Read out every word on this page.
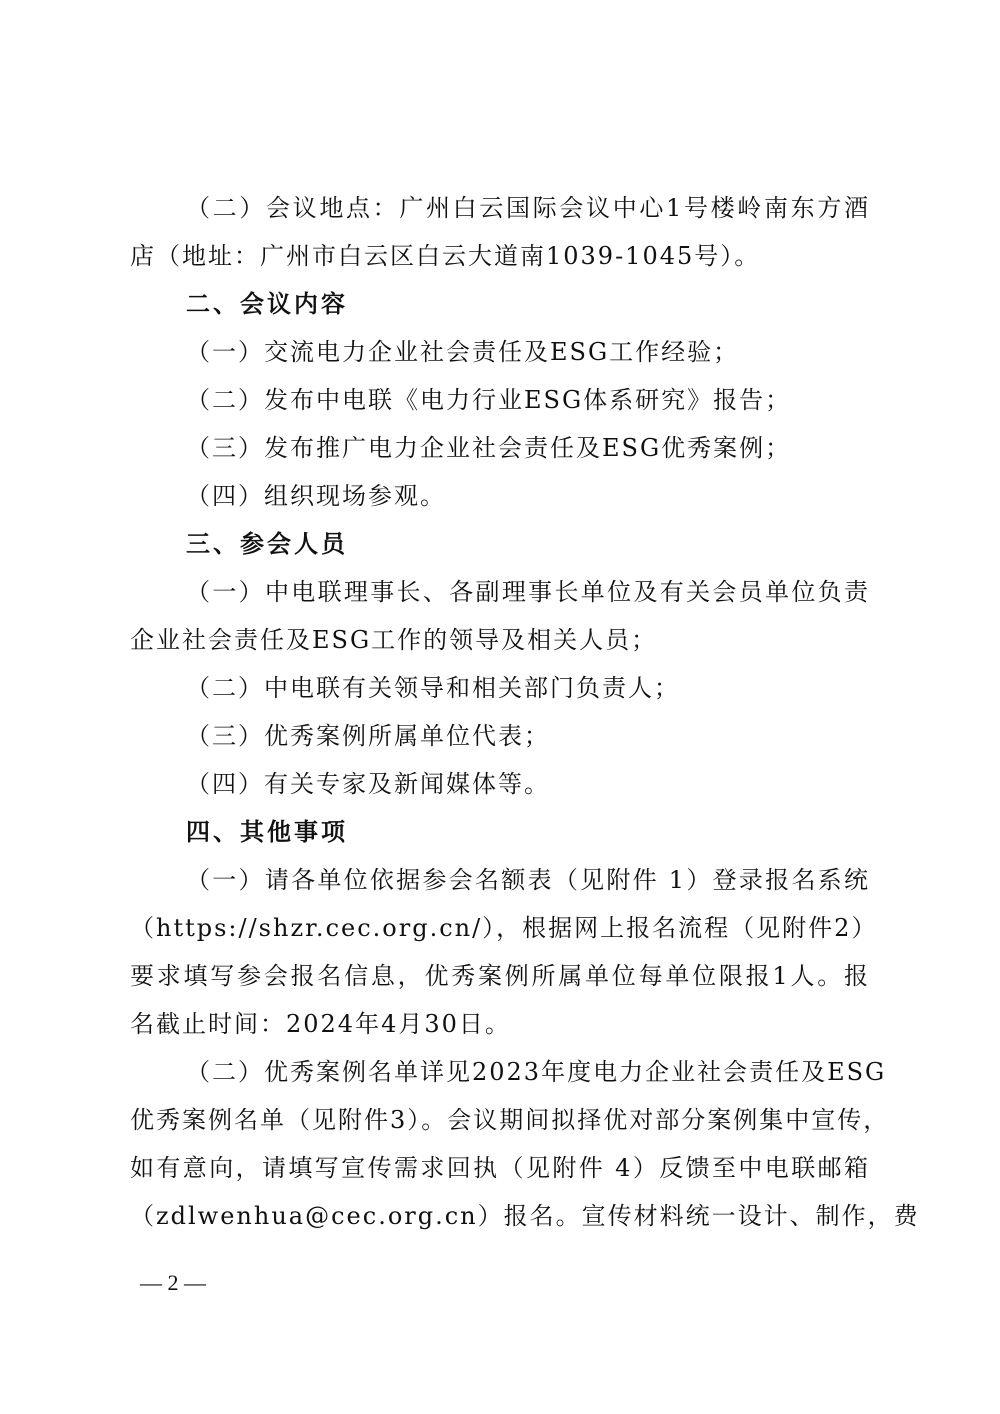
（二）会议地点：广州白云国际会议中心1号楼岭南东方酒
店（地址：广州市白云区白云大道南1039-1045号）。
二、会议内容
（一）交流电力企业社会责任及ESG工作经验；
（二）发布中电联《电力行业ESG体系研究》报告；
（三）发布推广电力企业社会责任及ESG优秀案例；
（四）组织现场参观。
三、参会人员
（一）中电联理事长、各副理事长单位及有关会员单位负责
企业社会责任及ESG工作的领导及相关人员；
（二）中电联有关领导和相关部门负责人；
（三）优秀案例所属单位代表；
（四）有关专家及新闻媒体等。
四、其他事项
（一）请各单位依据参会名额表（见附件 1）登录报名系统
（https://shzr.cec.org.cn/），根据网上报名流程（见附件2）
要求填写参会报名信息，优秀案例所属单位每单位限报1人。报
名截止时间：2024年4月30日。
（二）优秀案例名单详见2023年度电力企业社会责任及ESG
优秀案例名单（见附件3）。会议期间拟择优对部分案例集中宣传，
如有意向，请填写宣传需求回执（见附件 4）反馈至中电联邮箱
（zdlwenhua@cec.org.cn）报名。宣传材料统一设计、制作，费
— 2 —
